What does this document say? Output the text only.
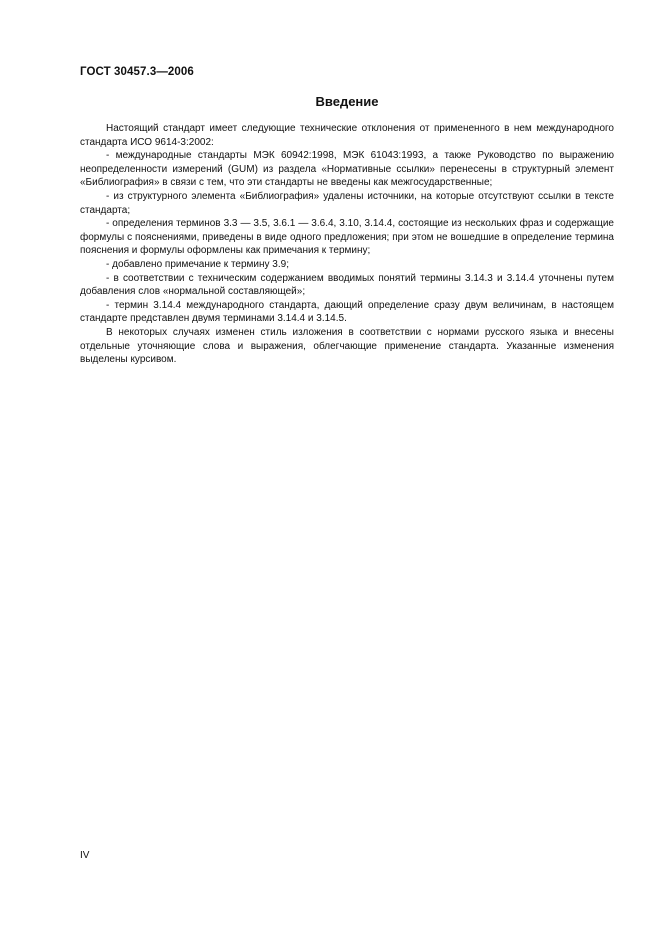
ГОСТ 30457.3—2006
Введение

Настоящий стандарт имеет следующие технические отклонения от примененного в нем международного стандарта ИСО 9614-3:2002:

- международные стандарты МЭК 60942:1998, МЭК 61043:1993, а также Руководство по выражению неопределенности измерений (GUM) из раздела «Нормативные ссылки» перенесены в структурный элемент «Библиография» в связи с тем, что эти стандарты не введены как межгосударственные;

- из структурного элемента «Библиография» удалены источники, на которые отсутствуют ссылки в тексте стандарта;

- определения терминов 3.3 — 3.5, 3.6.1 — 3.6.4, 3.10, 3.14.4, состоящие из нескольких фраз и содержащие формулы с пояснениями, приведены в виде одного предложения; при этом не вошедшие в определение термина пояснения и формулы оформлены как примечания к термину;

- добавлено примечание к термину 3.9;

- в соответствии с техническим содержанием вводимых понятий термины 3.14.3 и 3.14.4 уточнены путем добавления слов «нормальной составляющей»;

- термин 3.14.4 международного стандарта, дающий определение сразу двум величинам, в настоящем стандарте представлен двумя терминами 3.14.4 и 3.14.5.

В некоторых случаях изменен стиль изложения в соответствии с нормами русского языка и внесены отдельные уточняющие слова и выражения, облегчающие применение стандарта. Указанные изменения выделены курсивом.

IV
